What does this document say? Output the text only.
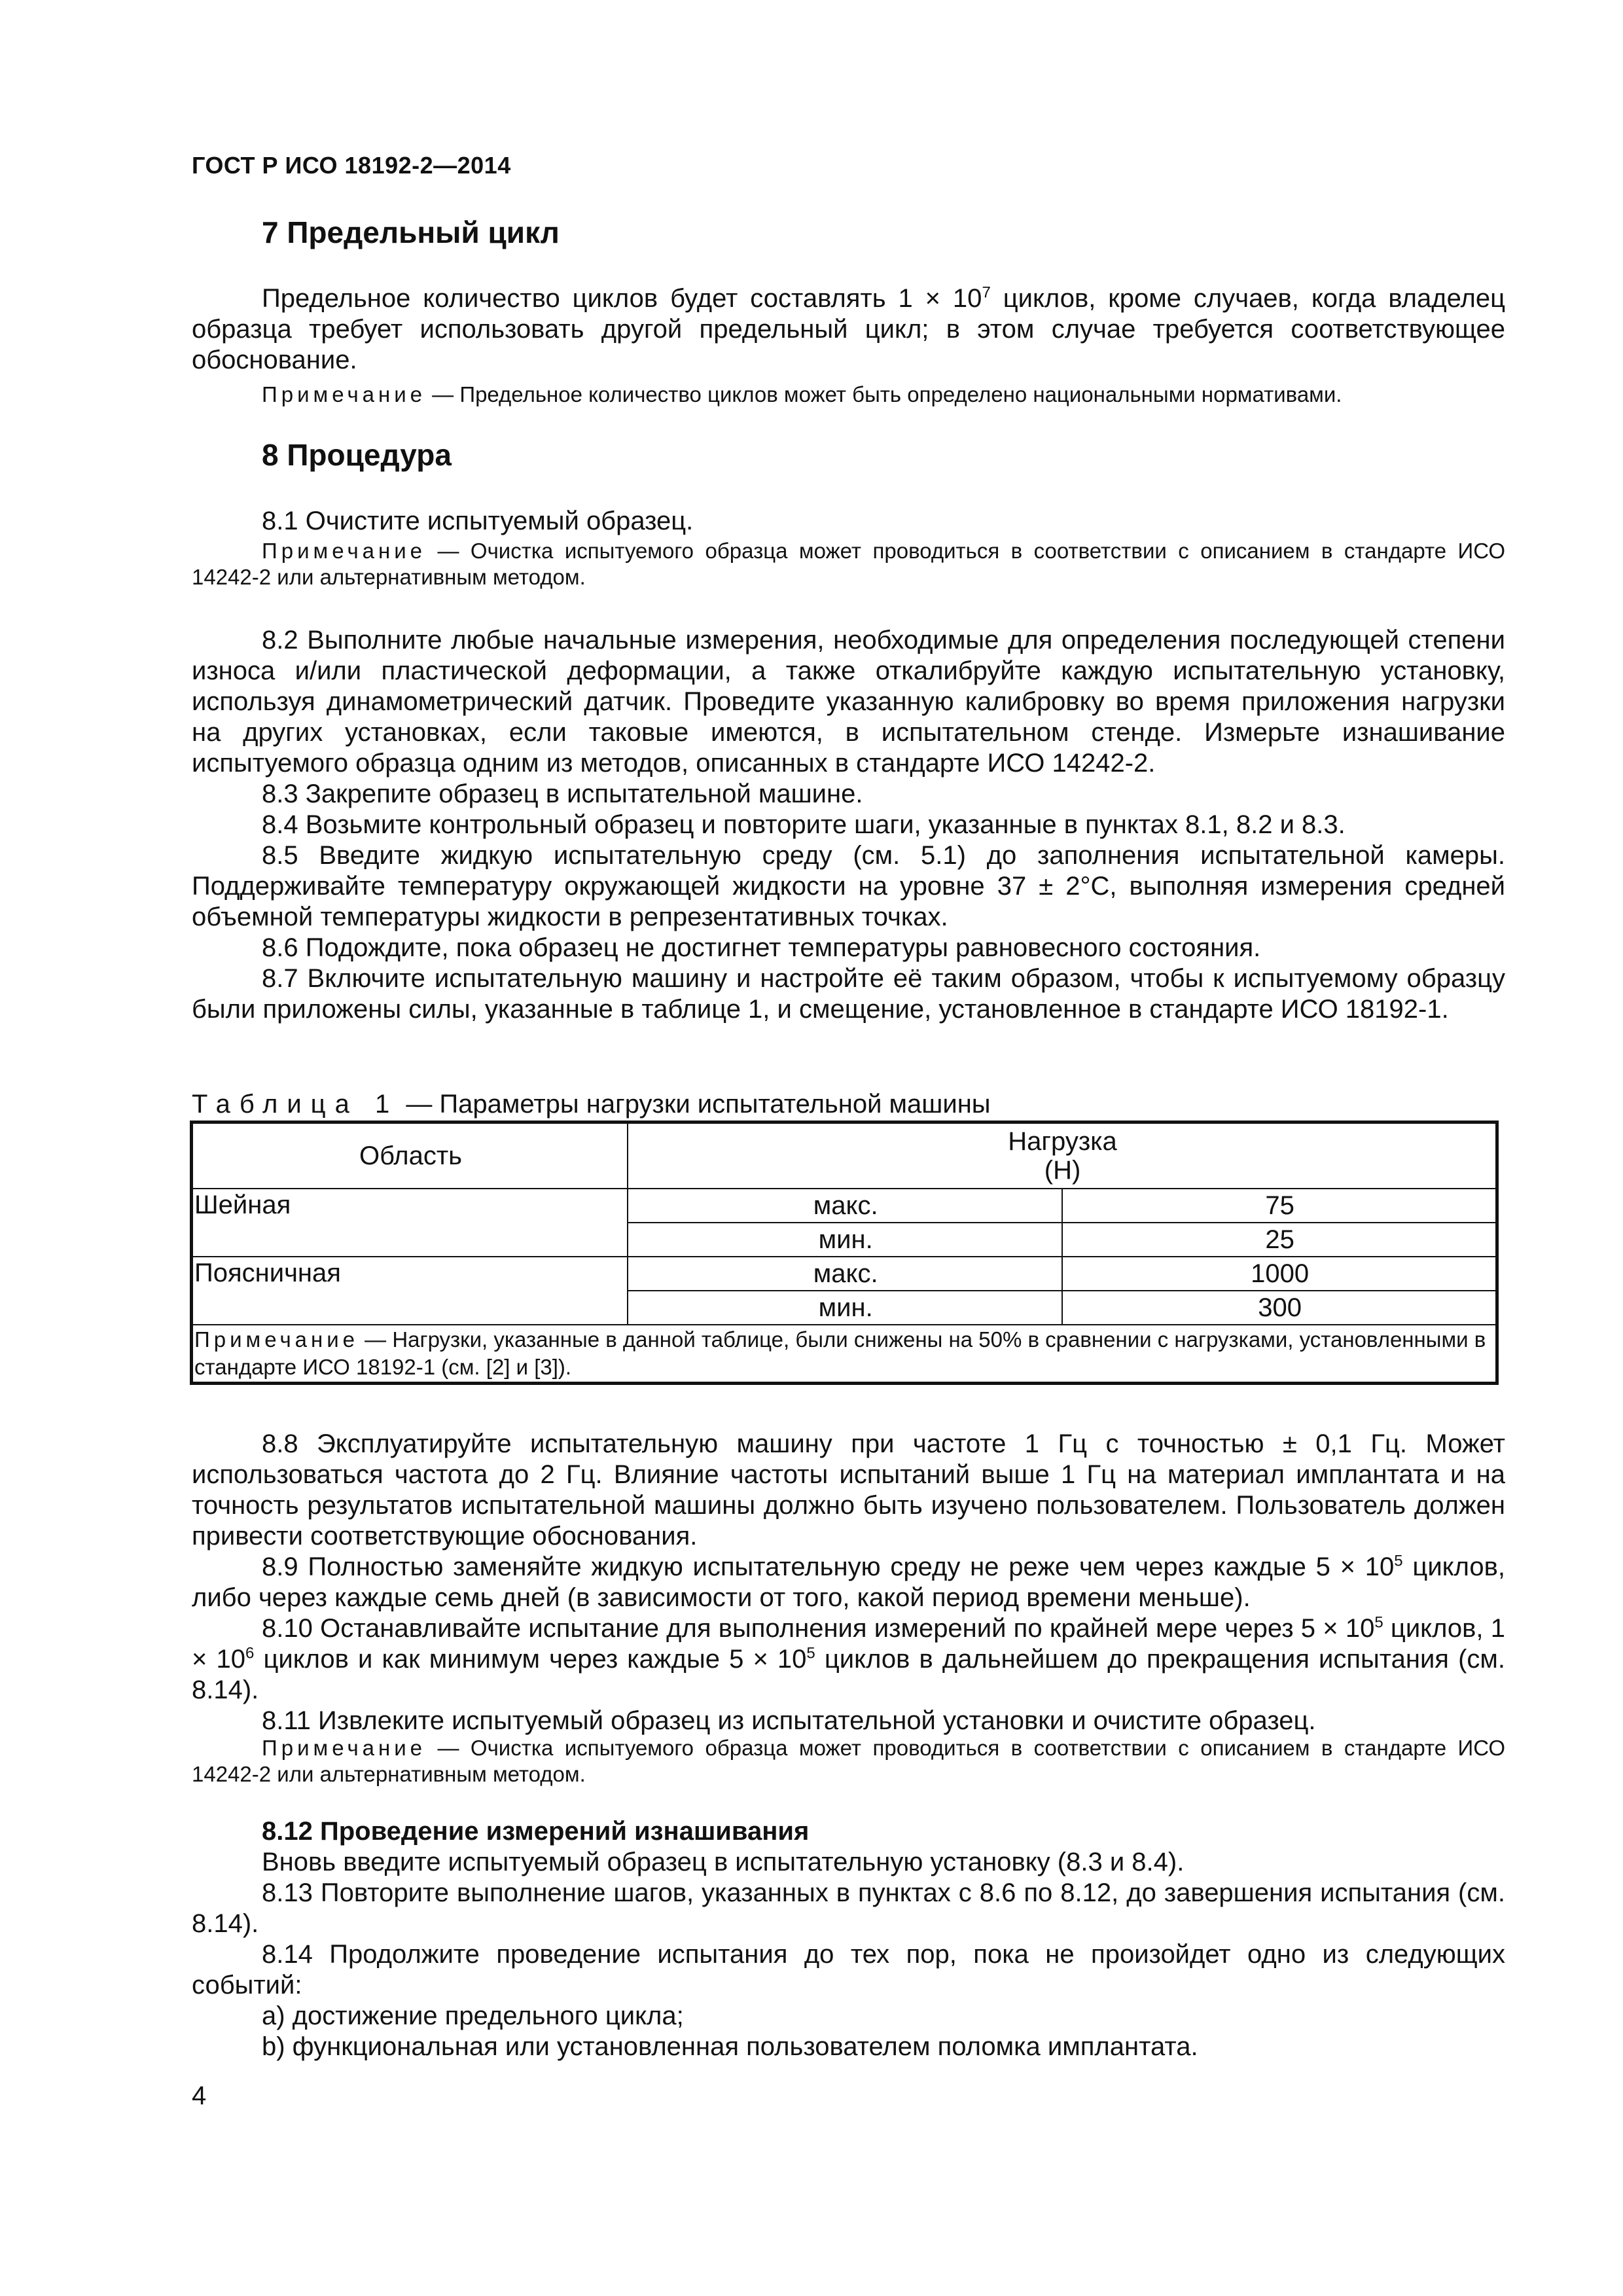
ГОСТ Р ИСО 18192-2—2014
7 Предельный цикл

Предельное количество циклов будет составлять $1 \times 10^7$ циклов, кроме случаев, когда владелец образца требует использовать другой предельный цикл; в этом случае требуется соответствующее обоснование.

Примечание — Предельное количество циклов может быть определено национальными нормативами.

8 Процедура

8.1 Очистите испытуемый образец.

Примечание — Очистка испытуемого образца может проводиться в соответствии с описанием в стандарте ИСО 14242-2 или альтернативным методом.

8.2 Выполните любые начальные измерения, необходимые для определения последующей степени износа и/или пластической деформации, а также откалибруйте каждую испытательную установку, используя динамометрический датчик. Проведите указанную калибровку во время приложения нагрузки на других установках, если таковые имеются, в испытательном стенде. Измерьте изнашивание испытуемого образца одним из методов, описанных в стандарте ИСО 14242-2.

8.3 Закрепите образец в испытательной машине.

8.4 Возьмите контрольный образец и повторите шаги, указанные в пунктах 8.1, 8.2 и 8.3.

8.5 Введите жидкую испытательную среду (см. 5.1) до заполнения испытательной камеры. Поддерживайте температуру окружающей жидкости на уровне 37 ± 2°C, выполняя измерения средней объемной температуры жидкости в репрезентативных точках.

8.6 Подождите, пока образец не достигнет температуры равновесного состояния.

8.7 Включите испытательную машину и настройте её таким образом, чтобы к испытуемому образцу были приложены силы, указанные в таблице 1, и смещение, установленное в стандарте ИСО 18192-1.

Таблица 1 — Параметры нагрузки испытательной машины
Область	Нагрузка
(Н)	

Шейная	макс.	75
	мин.	25
Поясничная	макс.	1000
	мин.	300
Примечание — Нагрузки, указанные в данной таблице, были снижены на 50% в сравнении с нагрузками, установленными в стандарте ИСО 18192-1 (см. [2] и [3]).		

8.8 Эксплуатируйте испытательную машину при частоте 1 Гц с точностью ± 0,1 Гц. Может использоваться частота до 2 Гц. Влияние частоты испытаний выше 1 Гц на материал имплантата и на точность результатов испытательной машины должно быть изучено пользователем. Пользователь должен привести соответствующие обоснования.

8.9 Полностью заменяйте жидкую испытательную среду не реже чем через каждые $5 \times 10^5$ циклов, либо через каждые семь дней (в зависимости от того, какой период времени меньше).

8.10 Останавливайте испытание для выполнения измерений по крайней мере через $5 \times 10^5$ циклов, $1 \times 10^6$ циклов и как минимум через каждые $5 \times 10^5$ циклов в дальнейшем до прекращения испытания (см. 8.14).

8.11 Извлеките испытуемый образец из испытательной установки и очистите образец.

Примечание — Очистка испытуемого образца может проводиться в соответствии с описанием в стандарте ИСО 14242-2 или альтернативным методом.

8.12 Проведение измерений изнашивания
Вновь введите испытуемый образец в испытательную установку (8.3 и 8.4).

8.13 Повторите выполнение шагов, указанных в пунктах с 8.6 по 8.12, до завершения испытания (см. 8.14).

8.14 Продолжите проведение испытания до тех пор, пока не произойдет одно из следующих событий:

а) достижение предельного цикла;
b) функциональная или установленная пользователем поломка имплантата.
4
